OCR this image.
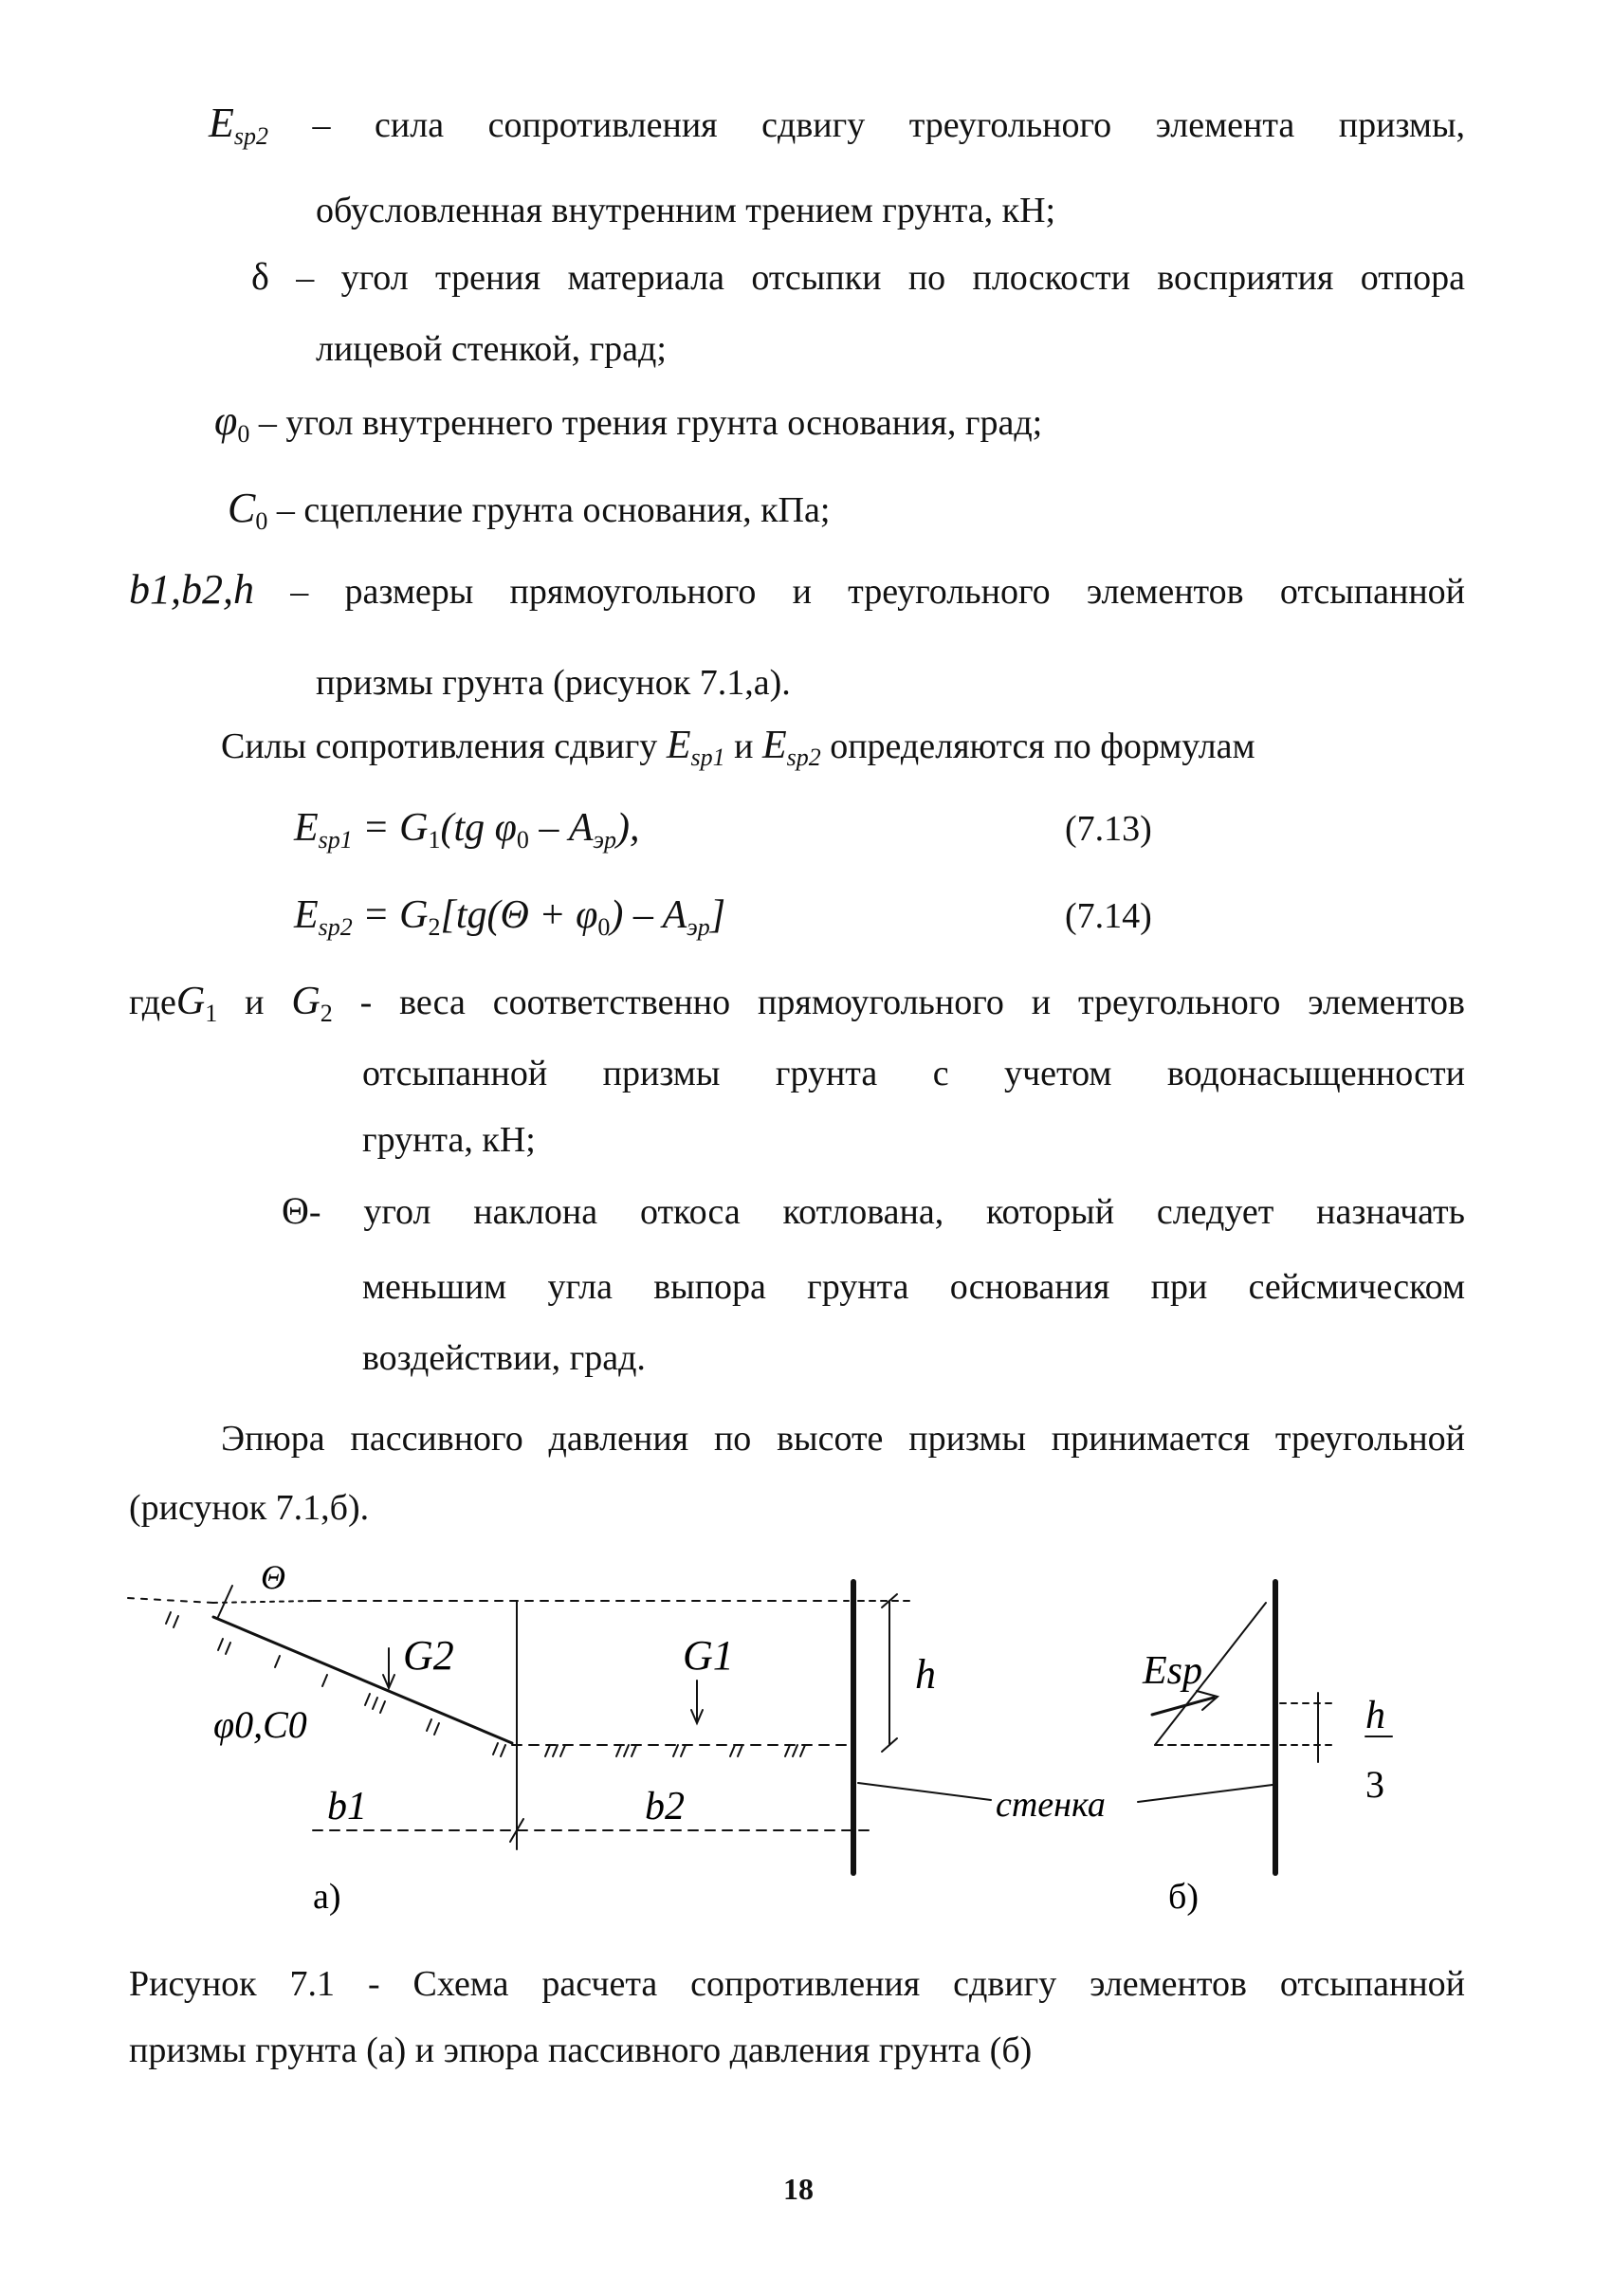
$E_{sp2}$ – сила сопротивления сдвигу треугольного элемента призмы,
обусловленная внутренним трением грунта, кН;
δ – угол трения материала отсыпки по плоскости восприятия отпора
лицевой стенкой, град;
φ0 – угол внутреннего трения грунта основания, град;
C0 – сцепление грунта основания, кПа;
b1,b2,h – размеры прямоугольного и треугольного элементов отсыпанной
призмы грунта (рисунок 7.1,а).
Силы сопротивления сдвигу $E_{sp1}$ и $E_{sp2}$ определяются по формулам
$E_{sp1} = G1(tg$ $\varphi 0 - A_{эр}$),	(7.13)
$E_{sp2} = G2[tg(\Theta + \varphi 0) - A_{эр}]$	(7.14)
гдеG1 и G2 - веса соответственно прямоугольного и треугольного элементов
отсыпанной призмы грунта с учетом водонасыщенности
грунта, кН;
Θ- угол наклона откоса котлована, который следует назначать
меньшим угла выпора грунта основания при сейсмическом
воздействии, град.
Эпюра пассивного давления по высоте призмы принимается треугольной
(рисунок 7.1,б).
Θ
G2	G1	h
φ0,C0
b1	b2	стенка
Esp
h
3
а)	б)
Рисунок 7.1 - Схема расчета сопротивления сдвигу элементов отсыпанной
призмы грунта (а) и эпюра пассивного давления грунта (б)
18
